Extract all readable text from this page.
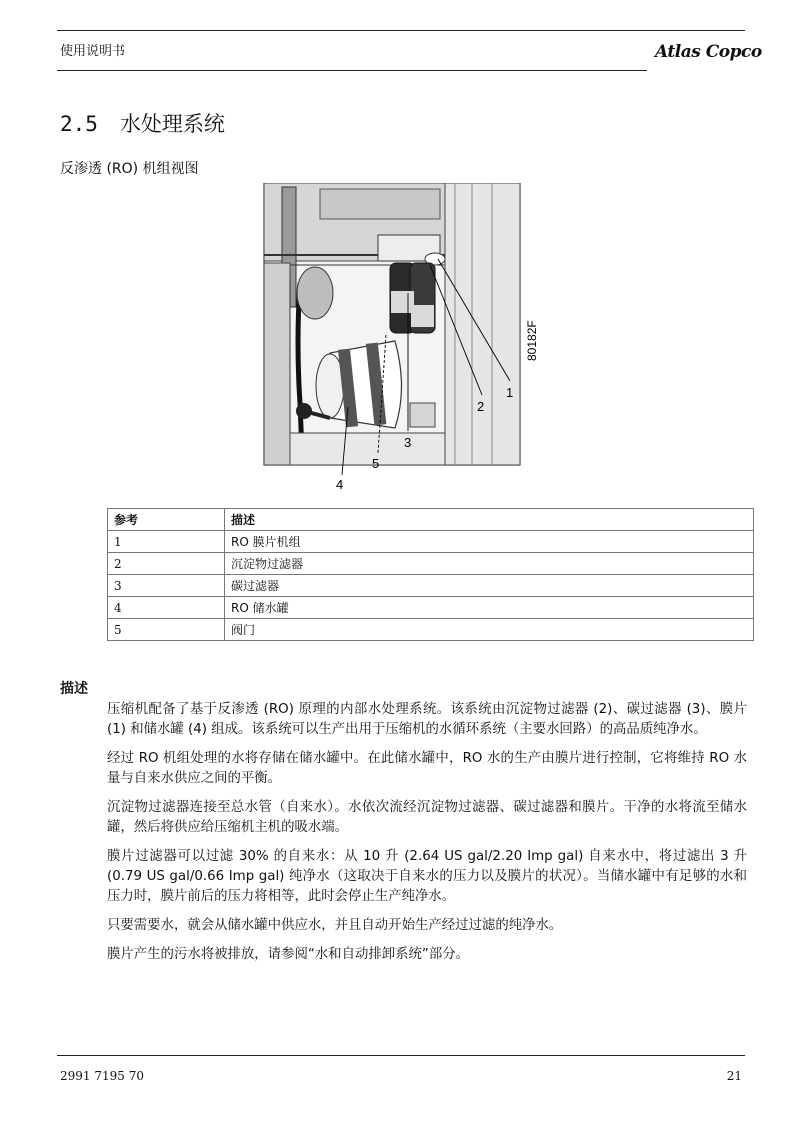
使用说明书	Atlas Copco
2.5 水处理系统
反渗透 (RO) 机组视图
80182F
1
2
3
5
4
参考	描述
1	RO 膜片机组
2	沉淀物过滤器
3	碳过滤器
4	RO 储水罐
5	阀门
描述

压缩机配备了基于反渗透 (RO) 原理的内部水处理系统。该系统由沉淀物过滤器 (2)、碳过滤器 (3)、膜片 (1) 和储水罐 (4) 组成。该系统可以生产出用于压缩机的水循环系统（主要水回路）的高品质纯净水。

经过 RO 机组处理的水将存储在储水罐中。在此储水罐中，RO 水的生产由膜片进行控制，它将维持 RO 水量与自来水供应之间的平衡。

沉淀物过滤器连接至总水管（自来水）。水依次流经沉淀物过滤器、碳过滤器和膜片。干净的水将流至储水罐，然后将供应给压缩机主机的吸水端。

膜片过滤器可以过滤 30% 的自来水：从 10 升 (2.64 US gal/2.20 Imp gal) 自来水中，将过滤出 3 升 (0.79 US gal/0.66 Imp gal) 纯净水（这取决于自来水的压力以及膜片的状况）。当储水罐中有足够的水和压力时，膜片前后的压力将相等，此时会停止生产纯净水。

只要需要水，就会从储水罐中供应水，并且自动开始生产经过过滤的纯净水。

膜片产生的污水将被排放，请参阅“水和自动排卸系统”部分。

2991 7195 70	21
